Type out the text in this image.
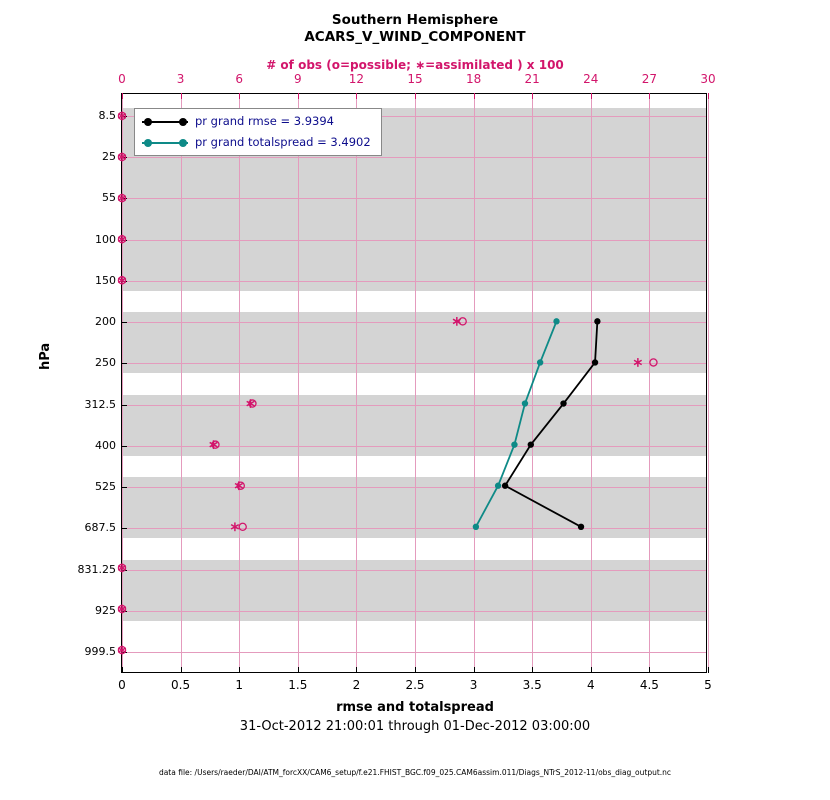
Southern Hemisphere
ACARS_V_WIND_COMPONENT
# of obs (o=possible; ∗=assimilated ) x 100
0	3	6	9	12	15	18	21	24	27	30
0	0.5	1	1.5	2	2.5	3	3.5	4	4.5	5
8.5
25
55
100
150
200
250
312.5
400
525
687.5
831.25
925
999.5
pr grand rmse = 3.9394
pr grand totalspread = 3.4902
hPa
rmse and totalspread
31-Oct-2012 21:00:01 through 01-Dec-2012 03:00:00
data file: /Users/raeder/DAI/ATM_forcXX/CAM6_setup/f.e21.FHIST_BGC.f09_025.CAM6assim.011/Diags_NTrS_2012-11/obs_diag_output.nc
